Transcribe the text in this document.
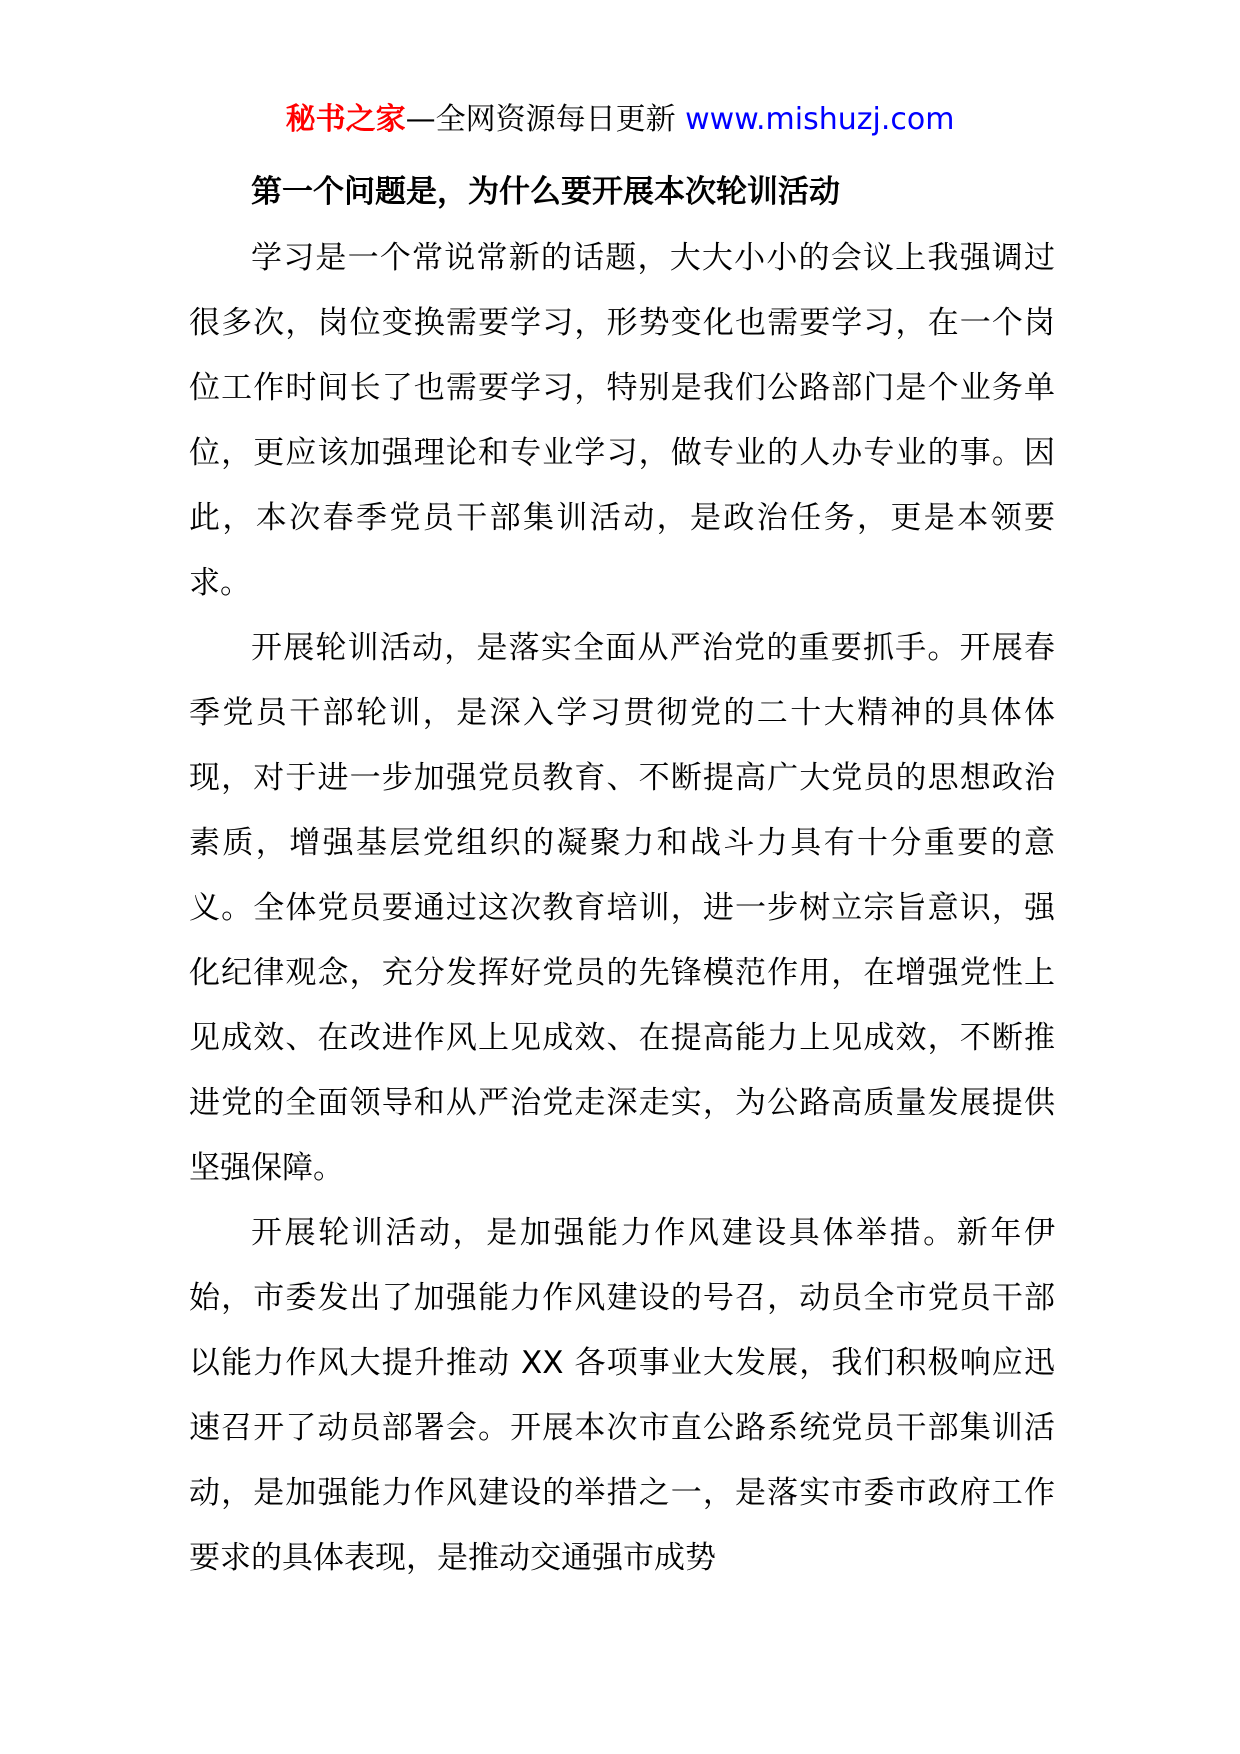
秘书之家—全网资源每日更新 www.mishuzj.com

第一个问题是，为什么要开展本次轮训活动

学习是一个常说常新的话题，大大小小的会议上我强调过很多次，岗位变换需要学习，形势变化也需要学习，在一个岗位工作时间长了也需要学习，特别是我们公路部门是个业务单位，更应该加强理论和专业学习，做专业的人办专业的事。因此，本次春季党员干部集训活动，是政治任务，更是本领要求。

开展轮训活动，是落实全面从严治党的重要抓手。开展春季党员干部轮训，是深入学习贯彻党的二十大精神的具体体现，对于进一步加强党员教育、不断提高广大党员的思想政治素质，增强基层党组织的凝聚力和战斗力具有十分重要的意义。全体党员要通过这次教育培训，进一步树立宗旨意识，强化纪律观念，充分发挥好党员的先锋模范作用，在增强党性上见成效、在改进作风上见成效、在提高能力上见成效，不断推进党的全面领导和从严治党走深走实，为公路高质量发展提供坚强保障。

开展轮训活动，是加强能力作风建设具体举措。新年伊始，市委发出了加强能力作风建设的号召，动员全市党员干部以能力作风大提升推动 XX 各项事业大发展，我们积极响应迅速召开了动员部署会。开展本次市直公路系统党员干部集训活动，是加强能力作风建设的举措之一，是落实市委市政府工作要求的具体表现，是推动交通强市成势
